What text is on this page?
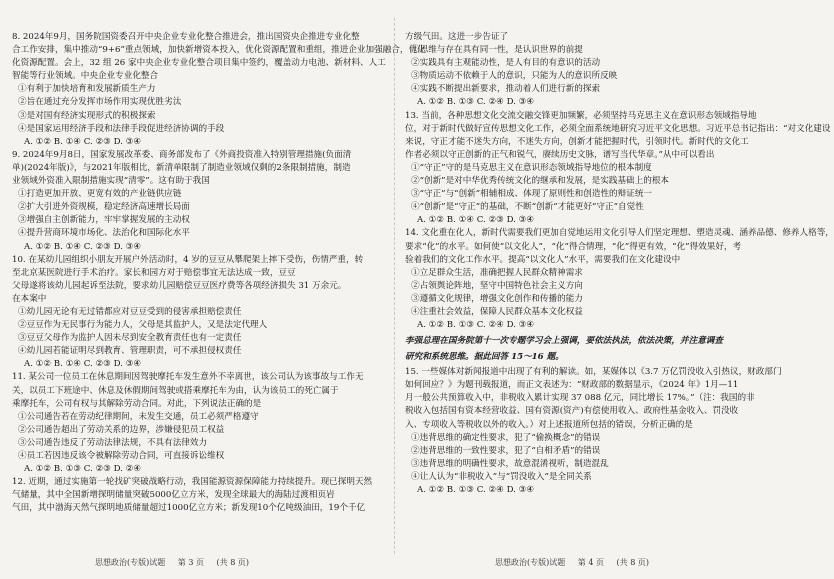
8. 2024年9月，国务院国资委召开中央企业专业化整合推进会，推出国资央企推进专业化整
合工作安排，集中推动“9+6”重点领域，加快新增资本投入，优化资源配置和重组，推进企业加强融合，优化
化资源配置。会上，32 组 26 家中央企业专业化整合项目集中签约，覆盖动力电池、新材料、人工
智能等行业领域。中央企业专业化整合
①有利于加快培育和发展新质生产力
②旨在通过充分发挥市场作用实现优胜劣汰
③是对国有经济实现形式的积极探索
④是国家运用经济手段和法律手段促进经济协调的手段
A. ①② B. ①④ C. ②③ D. ③④
9. 2024年9月8日，国家发展改革委、商务部发布了《外商投资准入特别管理措施(负面清
单)(2024年版)》，与2021年版相比，新清单限制了制造业领域仅剩的2条限制措施，制造
业领域外资准入限制措施实现“清零”。这有助于我国
①打造更加开放、更宽有效的产业链供应链
②扩大引进外资规模，稳定经济高速增长局面
③增强自主创新能力，牢牢掌握发展的主动权
④提升营商环境市场化、法治化和国际化水平
A. ①② B. ①④ C. ②③ D. ③④
10. 在某幼儿园组织小朋友开展户外活动时，4 岁的豆豆从攀爬架上摔下受伤，伤情严重，转
至北京某医院进行手术治疗。家长和园方对于赔偿事宜无法达成一致，豆豆
父母遂将该幼儿园起诉至法院，要求幼儿园赔偿豆豆医疗费等各项经济损失 31 万余元。
在本案中
①幼儿园无论有无过错都应对豆豆受到的侵害承担赔偿责任
②豆豆作为无民事行为能力人，父母是其监护人，又是法定代理人
③豆豆父母作为监护人因未尽到安全教育责任也有一定责任
④幼儿园若能证明尽到教育、管理职责，可不承担侵权责任
A. ①② B. ①④ C. ②③ D. ③④
11. 某公司一位员工在休息期间因驾驶摩托车发生意外不幸离世，该公司认为该事故与工作无
关，以员工下班途中、休息及休假期间驾驶或搭乘摩托车为由，认为该员工的死亡属于
乘摩托车，公司有权与其解除劳动合同。对此，下列说法正确的是
①公司通告若在劳动纪律期间，未发生交通，员工必须严格遵守
②公司通告超出了劳动关系的边界，涉嫌侵犯员工权益
③公司通告违反了劳动法律法规，不具有法律效力
④员工若因违反该令被解除劳动合同，可直接诉讼维权
A. ①② B. ①③ C. ②③ D. ②④
12. 近期，通过实施第一轮找矿突破战略行动，我国能源资源保障能力持续提升。现已探明天然
气储量，其中全国新增探明储量突破5000亿立方米，发现全球最大的海陆过渡相页岩
气田，其中渤海天然气探明地质储量超过1000亿立方米；新发现10个亿吨级油田，19个千亿
方级气田。这进一步告证了
①思维与存在具有同一性，是认识世界的前提
②实践具有主观能动性，是人有目的有意识的活动
③物质运动不依赖于人的意识，只能为人的意识所反映
④实践不断提出新要求，推动着人们进行新的探索
A. ①② B. ①③ C. ②④ D. ③④
13. 当前，各种思想文化交流交融交锋更加频繁，必须坚持马克思主义在意识形态领域指导地
位，对于新时代做好宣传思想文化工作，必须全面系统地研究习近平文化思想。习近平总书记指出：“对文化建设
来说，守正才能不迷失方向，不迷失方向，创新才能把握时代，引领时代。新时代的文化工
作者必须以守正创新的正气和锐气，赓续历史文脉，谱写当代华章。”从中可以看出
①“守正”守的是马克思主义在意识形态领域指导地位的根本制度
②“创新”是对中华优秀传统文化的继承和发展，是实践基础上的根本
③“守正”与“创新”相辅相成、体现了原则性和创造性的辩证统一
④“创新”是“守正”的基础，不断“创新”才能更好“守正”自觉性
A. ①② B. ①④ C. ②③ D. ③④
14. 文化重在化人，新时代需要我们更加自觉地运用文化引导人们坚定理想、塑造灵魂、涵养品德、修养人格等，
要求“化”的水平。如何使“以文化人”，“化”得合情理，“化”得更有效，“化”得效果好，考
验着我们的文化工作水平。提高“以文化人”水平，需要我们在文化建设中
①立足群众生活，准确把握人民群众精神需求
②占领舆论阵地，坚守中国特色社会主义方向
③遵循文化规律，增强文化创作和传播的能力
④注重社会效益，保障人民群众基本文化权益
A. ①② B. ①③ C. ②④ D. ③④
李强总理在国务院第十一次专题学习会上强调，要依法执法，依法决策，并注意调查
研究和系统思维。据此回答 15～16 题。
15. 一些媒体对新闻报道中出现了有利的解读。如，某媒体以《3.7 万亿罚没收入引热议，财政部门
如何回应？》为题刊载报道，而正文表述为：“财政部的数据显示，《2024 年》1月—11
月一般公共预算收入中，非税收入累计实现 37 088 亿元，同比增长 17%。”（注：我国的非
税收入包括国有资本经营收益、国有资源(资产)有偿使用收入、政府性基金收入、罚没收
入、专项收入等税收以外的收入。）对上述报道所包括的错误，分析正确的是
①违背思维的确定性要求，犯了“偷换概念”的错误
②违背思维的一致性要求，犯了“自相矛盾”的错误
③违背思维的明确性要求，故意混淆视听，制造混乱
④让人认为“非税收入”与“罚没收入”是全同关系
A. ①② B. ①③ C. ②④ D. ③④
思想政治(专版)试题 第 3 页 (共 8 页)	思想政治(专版)试题 第 4 页 (共 8 页)
